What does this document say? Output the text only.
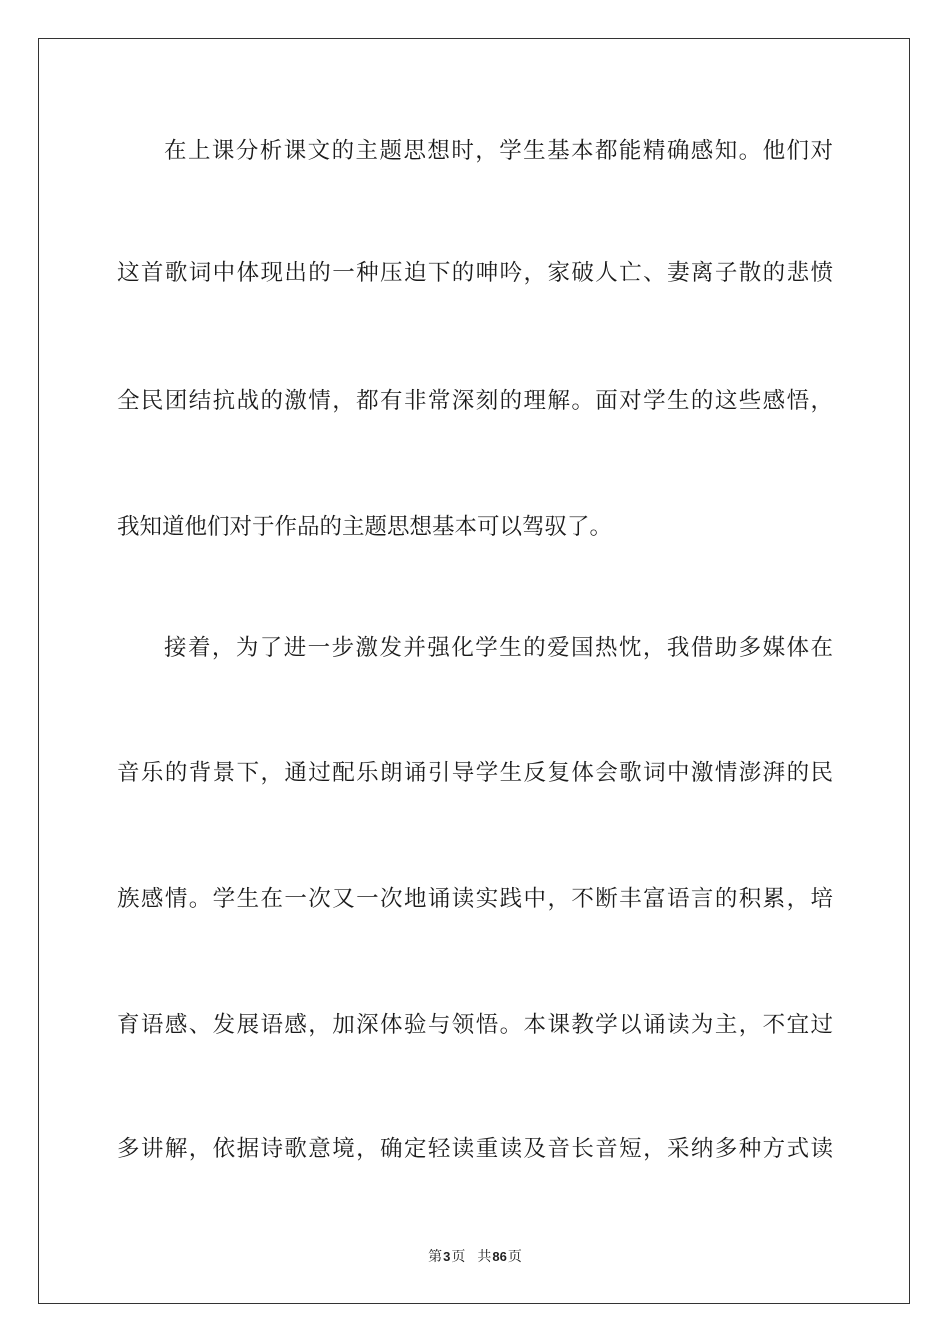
在上课分析课文的主题思想时，学生基本都能精确感知。他们对
这首歌词中体现出的一种压迫下的呻吟，家破人亡、妻离子散的悲愤
全民团结抗战的激情，都有非常深刻的理解。面对学生的这些感悟，
我知道他们对于作品的主题思想基本可以驾驭了。
接着，为了进一步激发并强化学生的爱国热忱，我借助多媒体在
音乐的背景下，通过配乐朗诵引导学生反复体会歌词中激情澎湃的民
族感情。学生在一次又一次地诵读实践中，不断丰富语言的积累，培
育语感、发展语感，加深体验与领悟。本课教学以诵读为主，不宜过
多讲解，依据诗歌意境，确定轻读重读及音长音短，采纳多种方式读
第3页 共86页
